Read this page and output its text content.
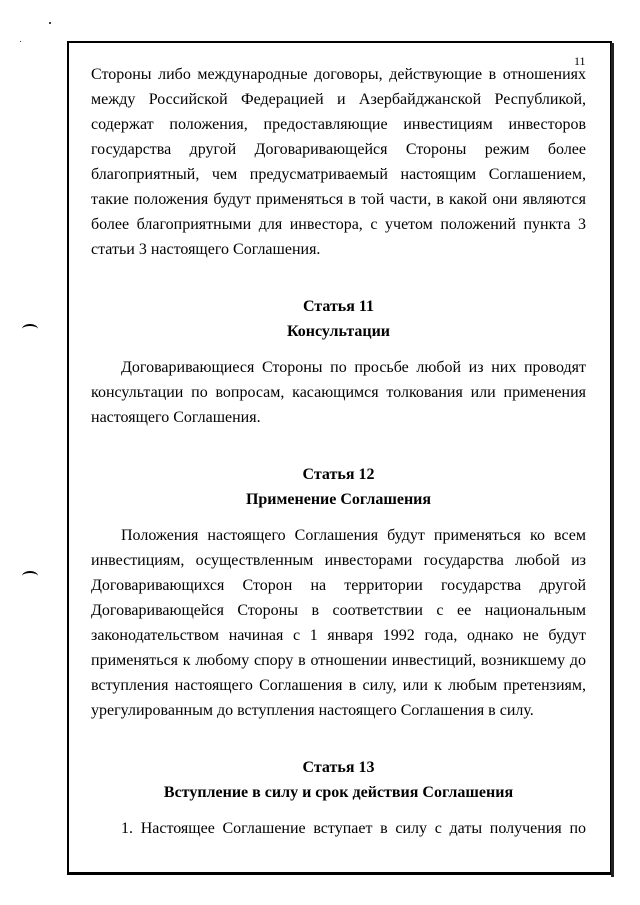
11

Стороны либо международные договоры, действующие в отношениях между Российской Федерацией и Азербайджанской Республикой, содержат положения, предоставляющие инвестициям инвесторов государства другой Договаривающейся Стороны режим более благоприятный, чем предусматриваемый настоящим Соглашением, такие положения будут применяться в той части, в какой они являются более благоприятными для инвестора, с учетом положений пункта 3 статьи 3 настоящего Соглашения.

Статья 11

Консультации

Договаривающиеся Стороны по просьбе любой из них проводят консультации по вопросам, касающимся толкования или применения настоящего Соглашения.

Статья 12

Применение Соглашения

Положения настоящего Соглашения будут применяться ко всем инвестициям, осуществленным инвесторами государства любой из Договаривающихся Сторон на территории государства другой Договаривающейся Стороны в соответствии с ее национальным законодательством начиная с 1 января 1992 года, однако не будут применяться к любому спору в отношении инвестиций, возникшему до вступления настоящего Соглашения в силу, или к любым претензиям, урегулированным до вступления настоящего Соглашения в силу.

Статья 13

Вступление в силу и срок действия Соглашения

1. Настоящее Соглашение вступает в силу с даты получения по
